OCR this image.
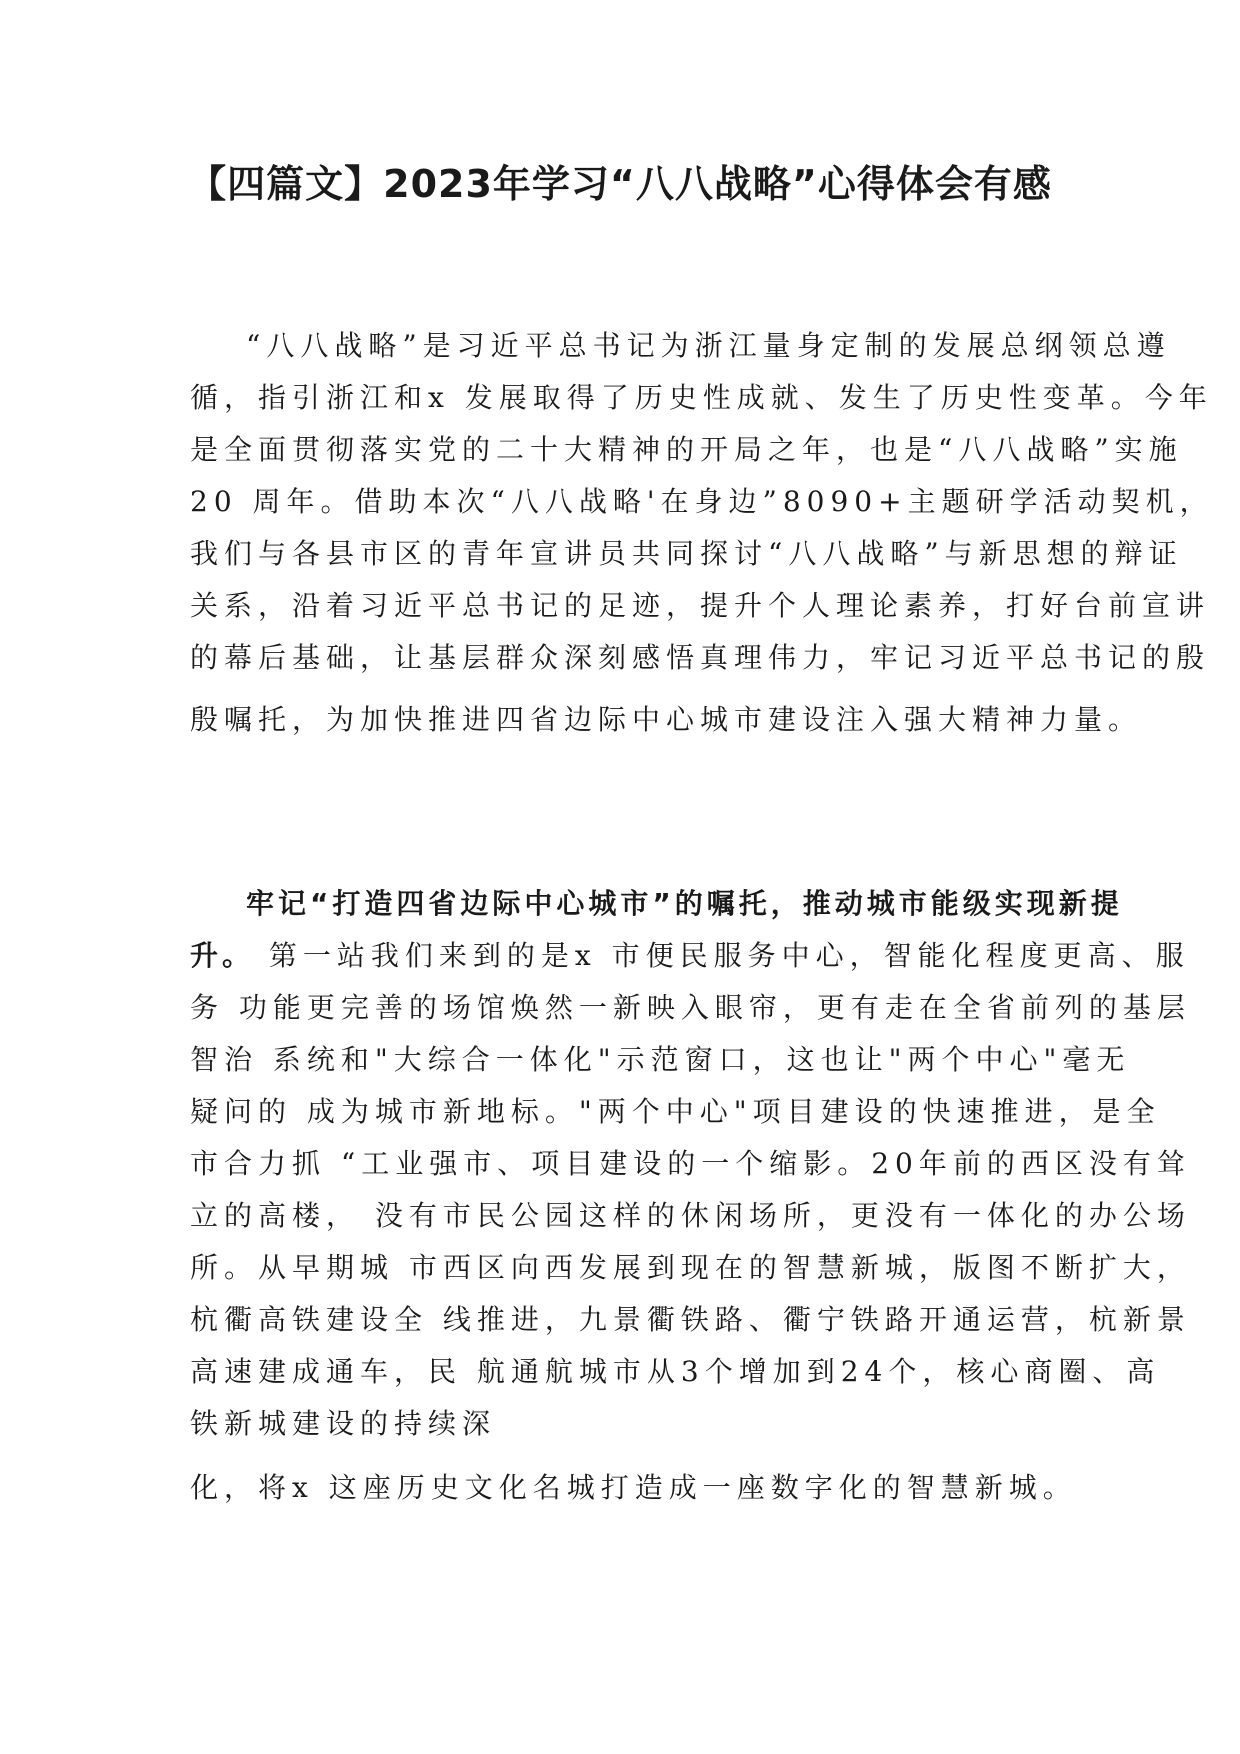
【四篇文】2023年学习“八八战略”心得体会有感

“八八战略”是习近平总书记为浙江量身定制的发展总纲领总遵

循，指引浙江和x 发展取得了历史性成就、发生了历史性变革。今年

是全面贯彻落实党的二十大精神的开局之年，也是“八八战略”实施

20 周年。借助本次“八八战略'在身边”8090+主题研学活动契机，

我们与各县市区的青年宣讲员共同探讨“八八战略”与新思想的辩证

关系，沿着习近平总书记的足迹，提升个人理论素养，打好台前宣讲

的幕后基础，让基层群众深刻感悟真理伟力，牢记习近平总书记的殷

殷嘱托，为加快推进四省边际中心城市建设注入强大精神力量。

牢记“打造四省边际中心城市”的嘱托，推动城市能级实现新提

升。 第一站我们来到的是x 市便民服务中心，智能化程度更高、服

务 功能更完善的场馆焕然一新映入眼帘，更有走在全省前列的基层

智治 系统和"大综合一体化"示范窗口，这也让"两个中心"毫无

疑问的 成为城市新地标。"两个中心"项目建设的快速推进，是全

市合力抓 “工业强市、项目建设的一个缩影。20年前的西区没有耸

立的高楼， 没有市民公园这样的休闲场所，更没有一体化的办公场

所。从早期城 市西区向西发展到现在的智慧新城，版图不断扩大，

杭衢高铁建设全 线推进，九景衢铁路、衢宁铁路开通运营，杭新景

高速建成通车，民 航通航城市从3个增加到24个，核心商圈、高

铁新城建设的持续深

化，将x 这座历史文化名城打造成一座数字化的智慧新城。
